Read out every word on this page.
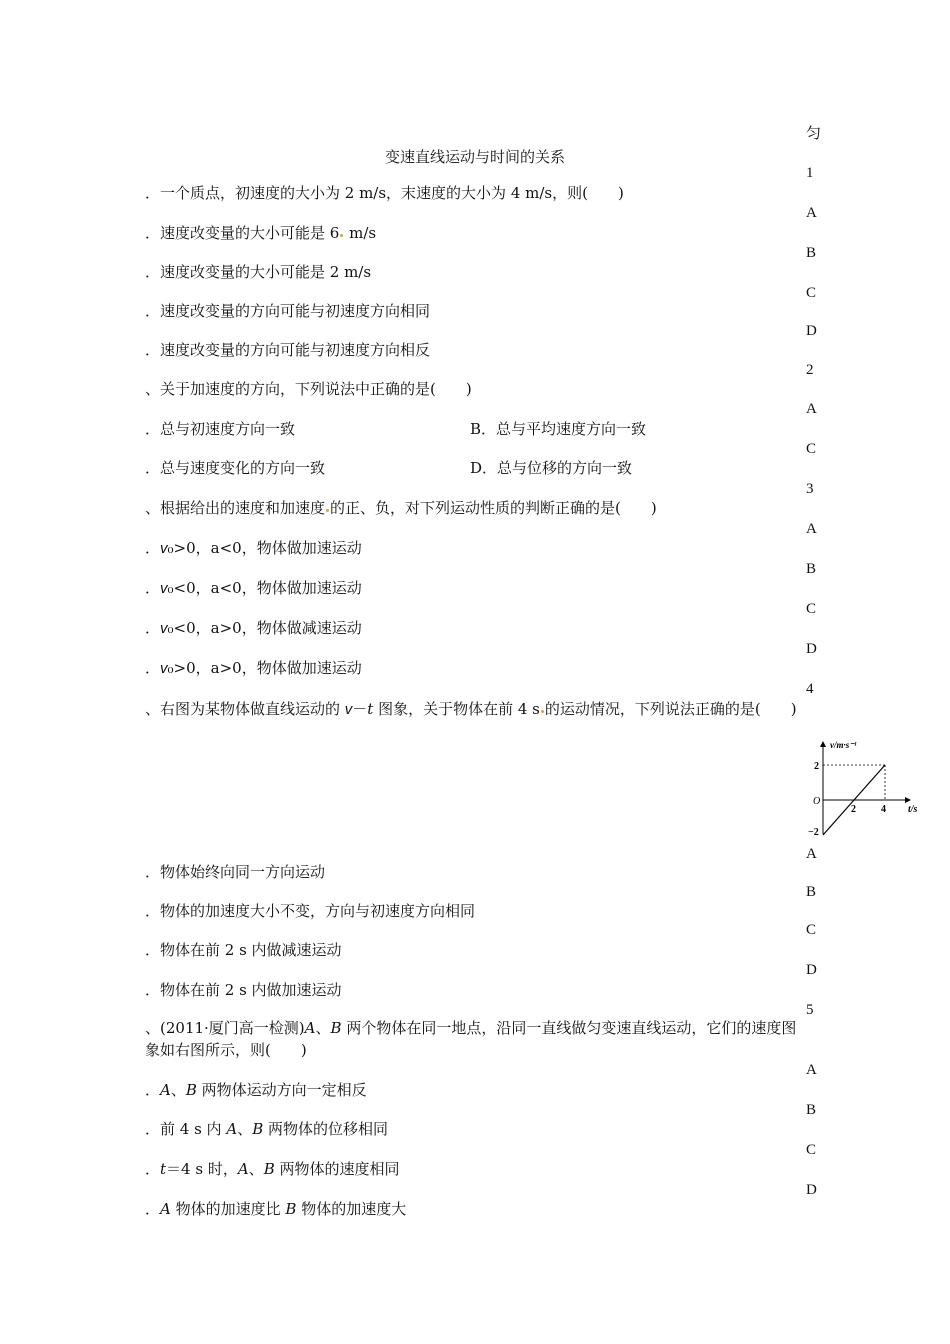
变速直线运动与时间的关系
匀
1
A
B
C
D
2
A
C
3
A
B
C
D
4
A
B
C
D
5
A
B
C
D
．一个质点，初速度的大小为 2 m/s，末速度的大小为 4 m/s，则(　　)
．速度改变量的大小可能是 6 m/s
．速度改变量的大小可能是 2 m/s
．速度改变量的方向可能与初速度方向相同
．速度改变量的方向可能与初速度方向相反
、关于加速度的方向，下列说法中正确的是(　　)
．总与初速度方向一致	B．总与平均速度方向一致
．总与速度变化的方向一致	D．总与位移的方向一致
、根据给出的速度和加速度 的正、负，对下列运动性质的判断正确的是(　　)
．v₀>0，a<0，物体做加速运动
．v₀<0，a<0，物体做加速运动
．v₀<0，a>0，物体做减速运动
．v₀>0，a>0，物体做加速运动
、右图为某物体做直线运动的 v－t 图象，关于物体在前 4 s 的运动情况，下列说法正确的是(　　)
v/m·s⁻¹
t/s
O
2
−2
2	4
．物体始终向同一方向运动
．物体的加速度大小不变，方向与初速度方向相同
．物体在前 2 s 内做减速运动
．物体在前 2 s 内做加速运动
、(2011·厦门高一检测)A、B 两个物体在同一地点，沿同一直线做匀变速直线运动，它们的速度图象如右图所示，则(　　)
．A、B 两物体运动方向一定相反
．前 4 s 内 A、B 两物体的位移相同
．t＝4 s 时，A、B 两物体的速度相同
．A 物体的加速度比 B 物体的加速度大
